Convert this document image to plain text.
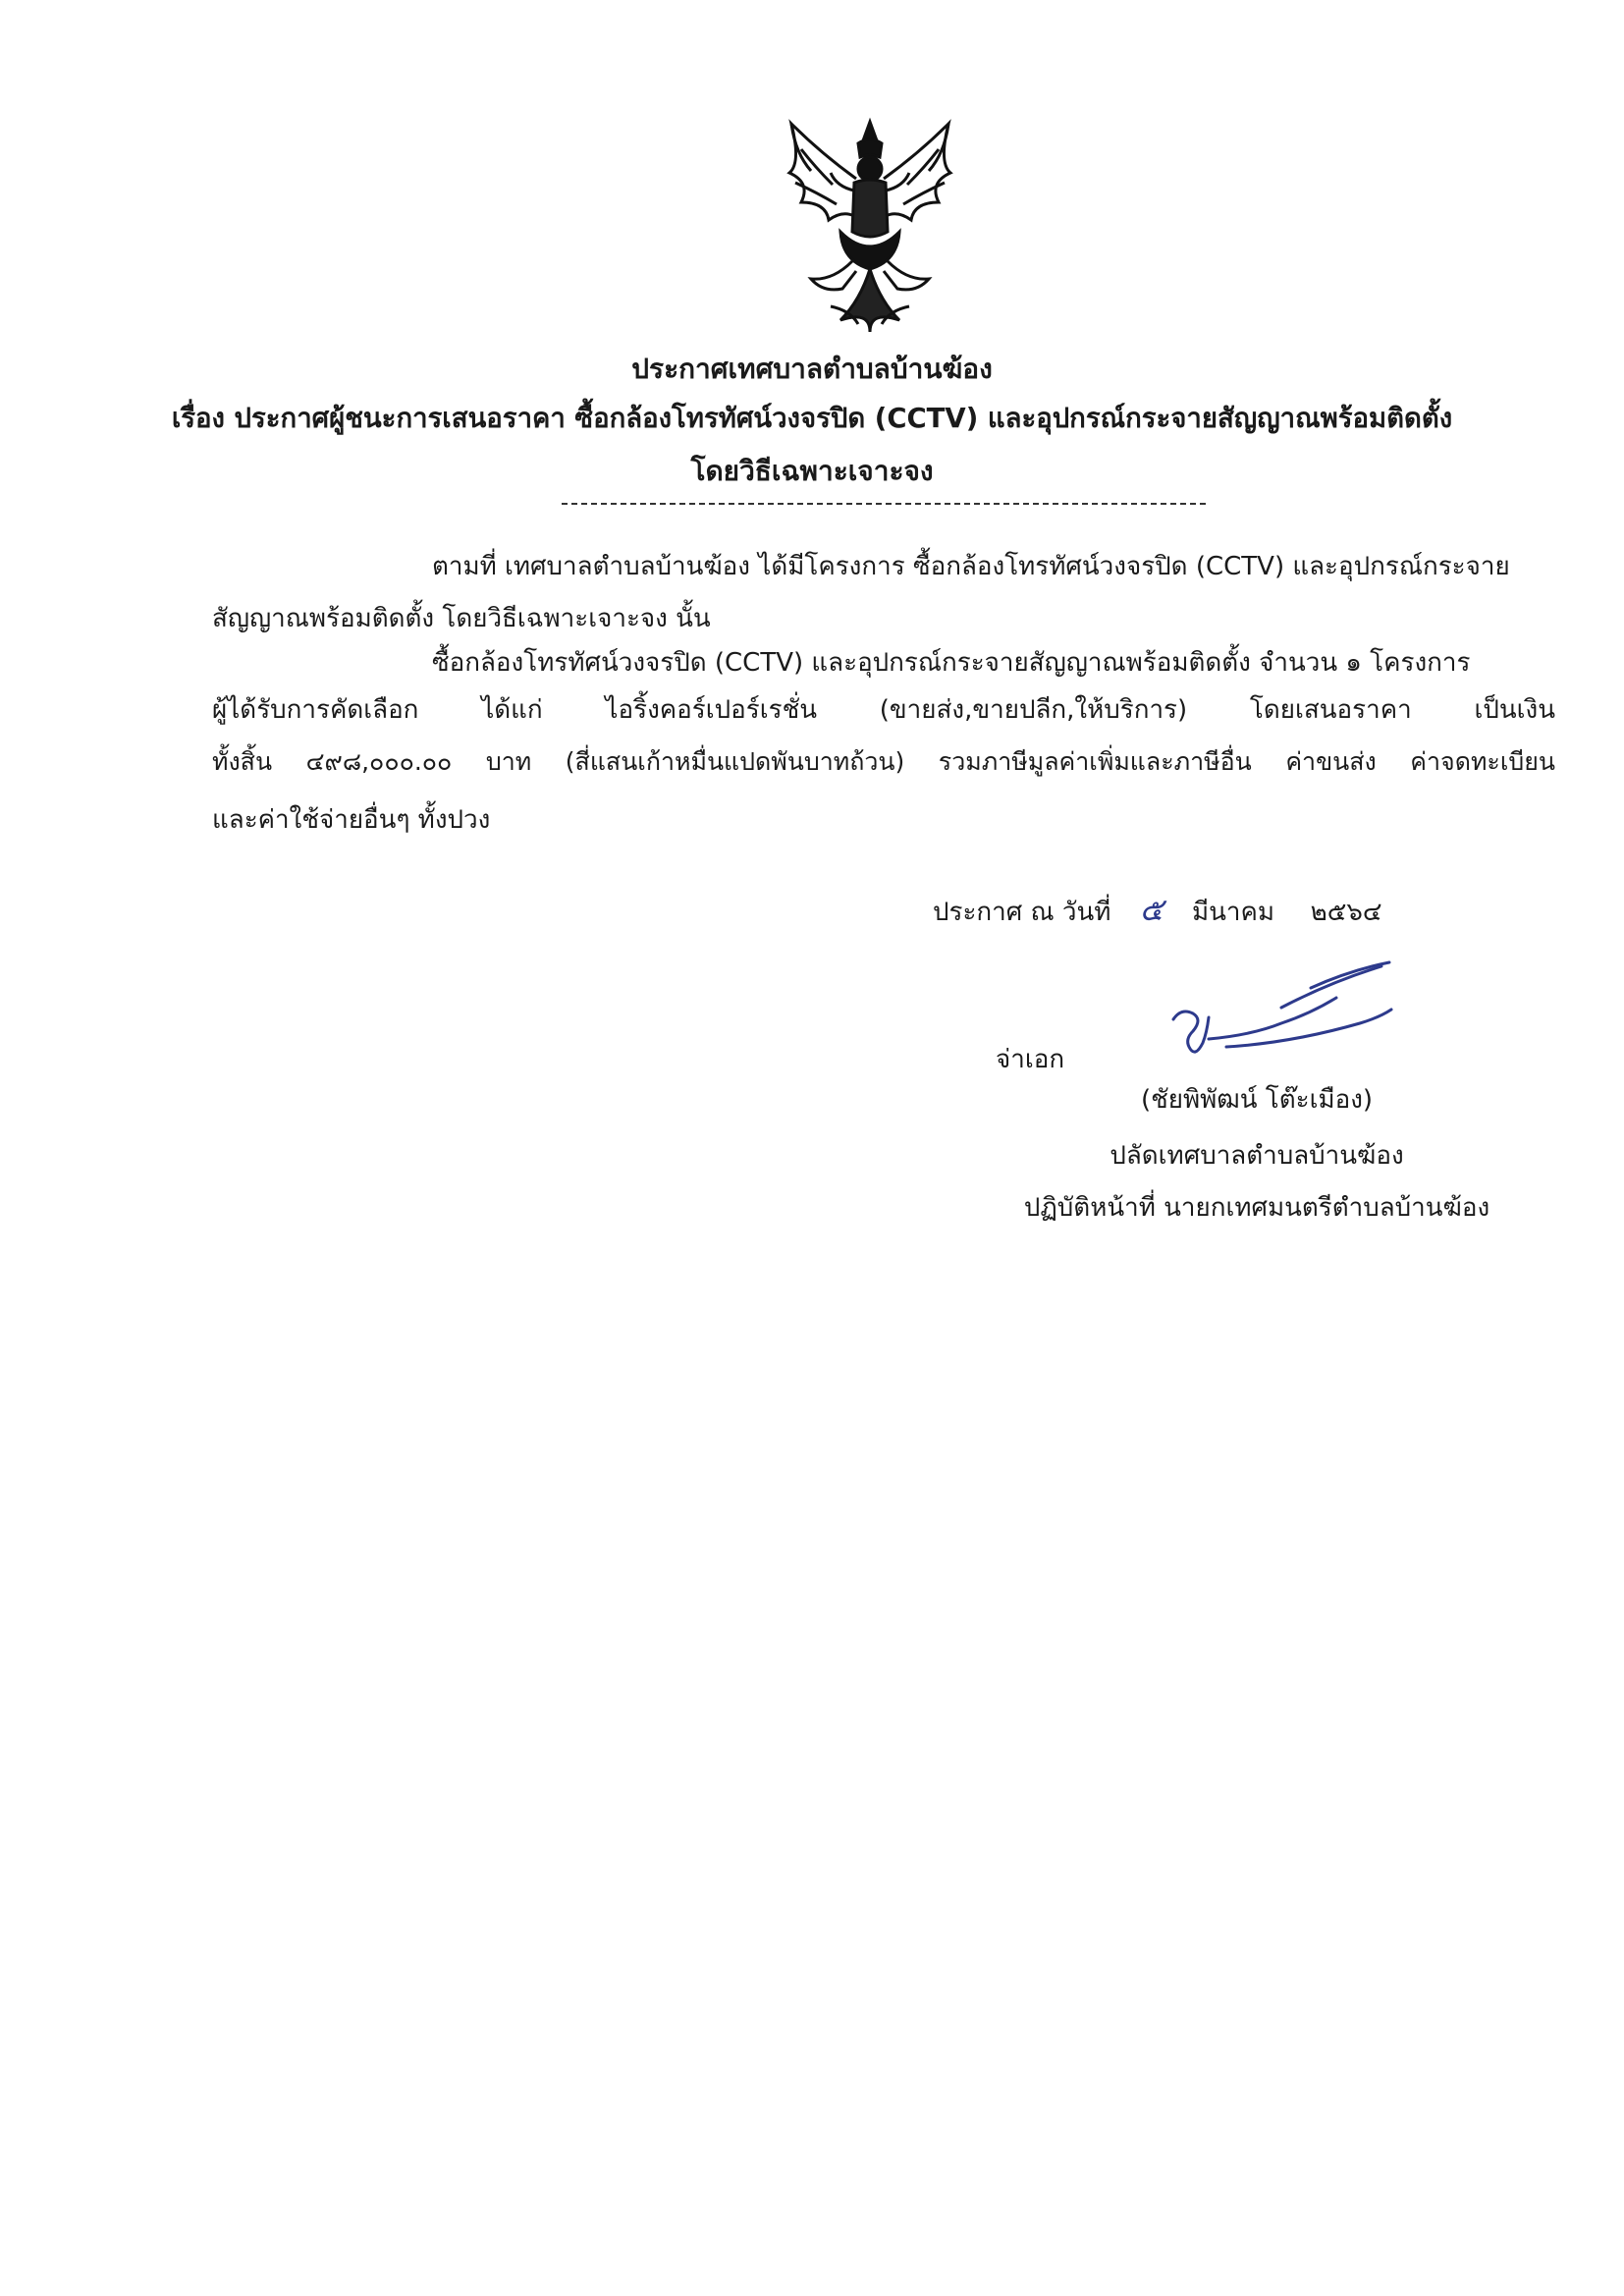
ประกาศเทศบาลตำบลบ้านฆ้อง
เรื่อง ประกาศผู้ชนะการเสนอราคา ซื้อกล้องโทรทัศน์วงจรปิด (CCTV) และอุปกรณ์กระจายสัญญาณพร้อมติดตั้ง
โดยวิธีเฉพาะเจาะจง
ตามที่ เทศบาลตำบลบ้านฆ้อง ได้มีโครงการ ซื้อกล้องโทรทัศน์วงจรปิด (CCTV) และอุปกรณ์กระจาย
สัญญาณพร้อมติดตั้ง โดยวิธีเฉพาะเจาะจง นั้น
ซื้อกล้องโทรทัศน์วงจรปิด (CCTV) และอุปกรณ์กระจายสัญญาณพร้อมติดตั้ง จำนวน ๑ โครงการ
ผู้ได้รับการคัดเลือก ได้แก่ ไอริ้งคอร์เปอร์เรชั่น (ขายส่ง,ขายปลีก,ให้บริการ) โดยเสนอราคา เป็นเงิน
ทั้งสิ้น ๔๙๘,๐๐๐.๐๐ บาท (สี่แสนเก้าหมื่นแปดพันบาทถ้วน) รวมภาษีมูลค่าเพิ่มและภาษีอื่น ค่าขนส่ง ค่าจดทะเบียน
และค่าใช้จ่ายอื่นๆ ทั้งปวง
ประกาศ ณ วันที่ ๕ มีนาคม ๒๕๖๔
จ่าเอก
(ชัยพิพัฒน์ โต๊ะเมือง)
ปลัดเทศบาลตำบลบ้านฆ้อง
ปฏิบัติหน้าที่ นายกเทศมนตรีตำบลบ้านฆ้อง
